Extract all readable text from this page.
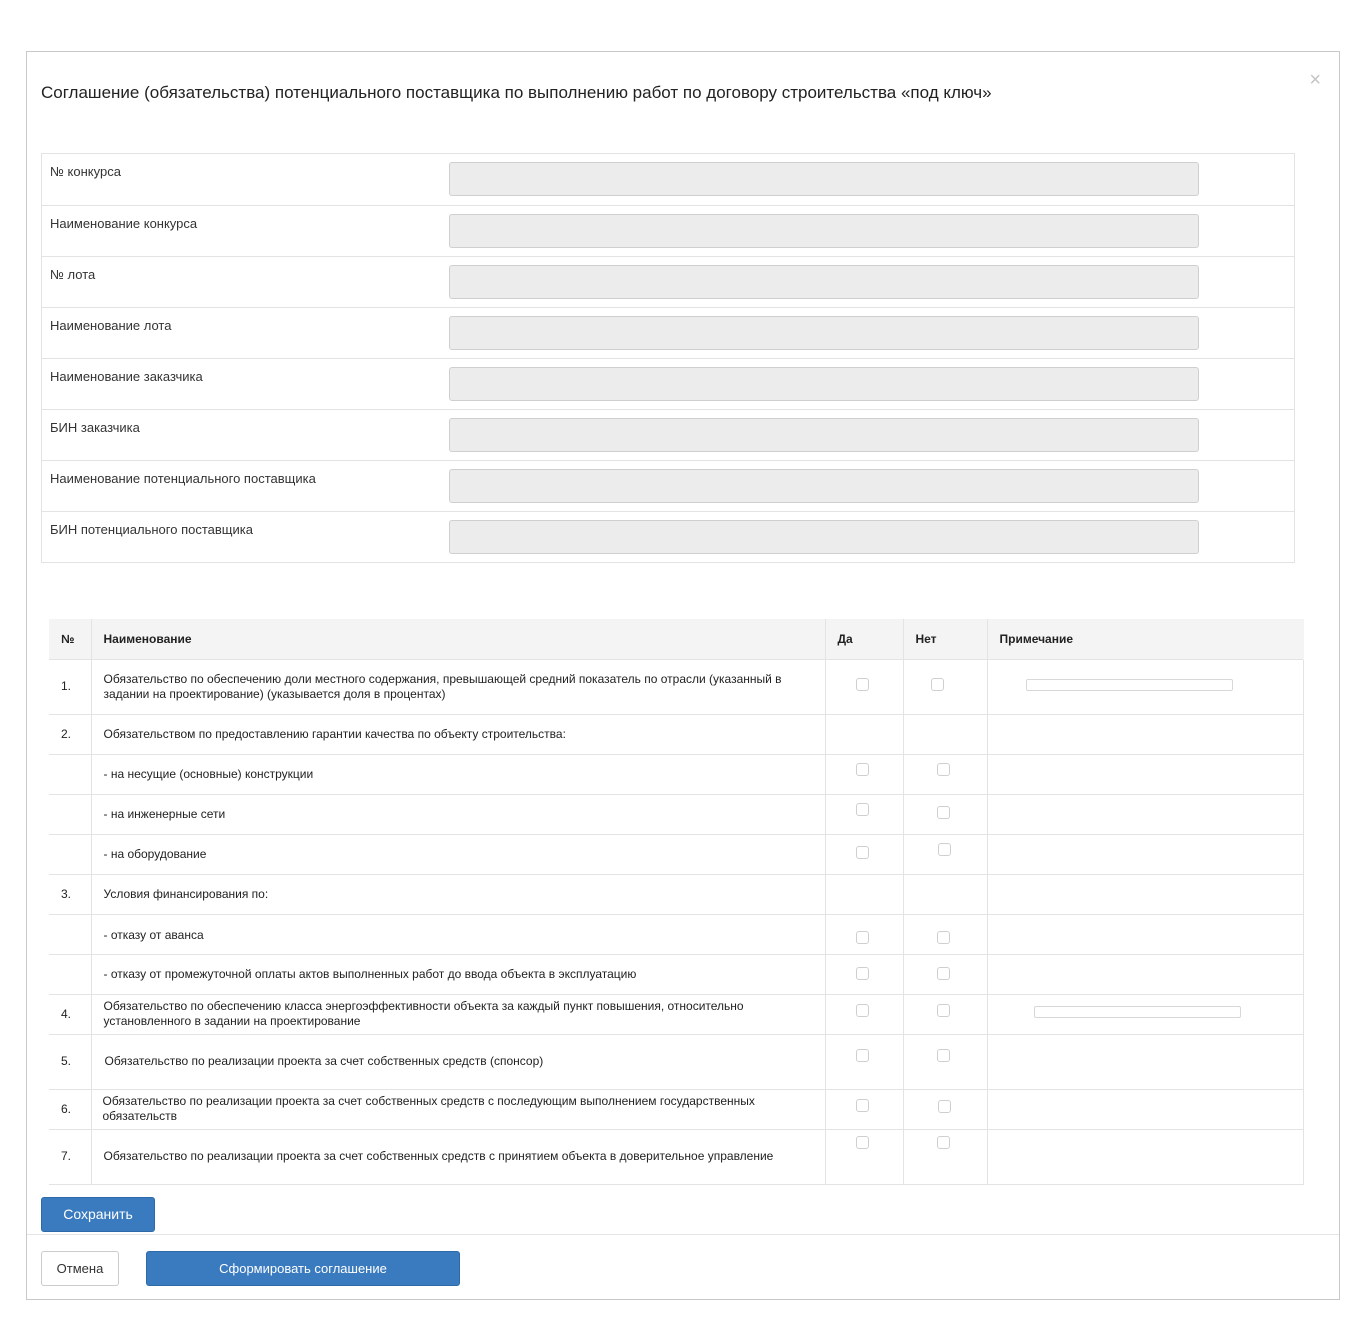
Соглашение (обязательства) потенциального поставщика по выполнению работ по договору строительства «под ключ»
×
№ конкурса
Наименование конкурса
№ лота
Наименование лота
Наименование заказчика
БИН заказчика
Наименование потенциального поставщика
БИН потенциального поставщика
№	Наименование	Да	Нет	Примечание
1.	Обязательство по обеспечению доли местного содержания, превышающей средний показатель по отрасли (указанный в задании на проектирование) (указывается доля в процентах)			
2.	Обязательством по предоставлению гарантии качества по объекту строительства:			
	- на несущие (основные) конструкции			
	- на инженерные сети			
	- на оборудование			
3.	Условия финансирования по:			
	- отказу от аванса			
	- отказу от промежуточной оплаты актов выполненных работ до ввода объекта в эксплуатацию			
4.	Обязательство по обеспечению класса энергоэффективности объекта за каждый пункт повышения, относительно установленного в задании на проектирование			
5.	Обязательство по реализации проекта за счет собственных средств (спонсор)			
6.	Обязательство по реализации проекта за счет собственных средств с последующим выполнением государственных обязательств			
7.	Обязательство по реализации проекта за счет собственных средств с принятием объекта в доверительное управление			
Сохранить
Отмена	Сформировать соглашение
